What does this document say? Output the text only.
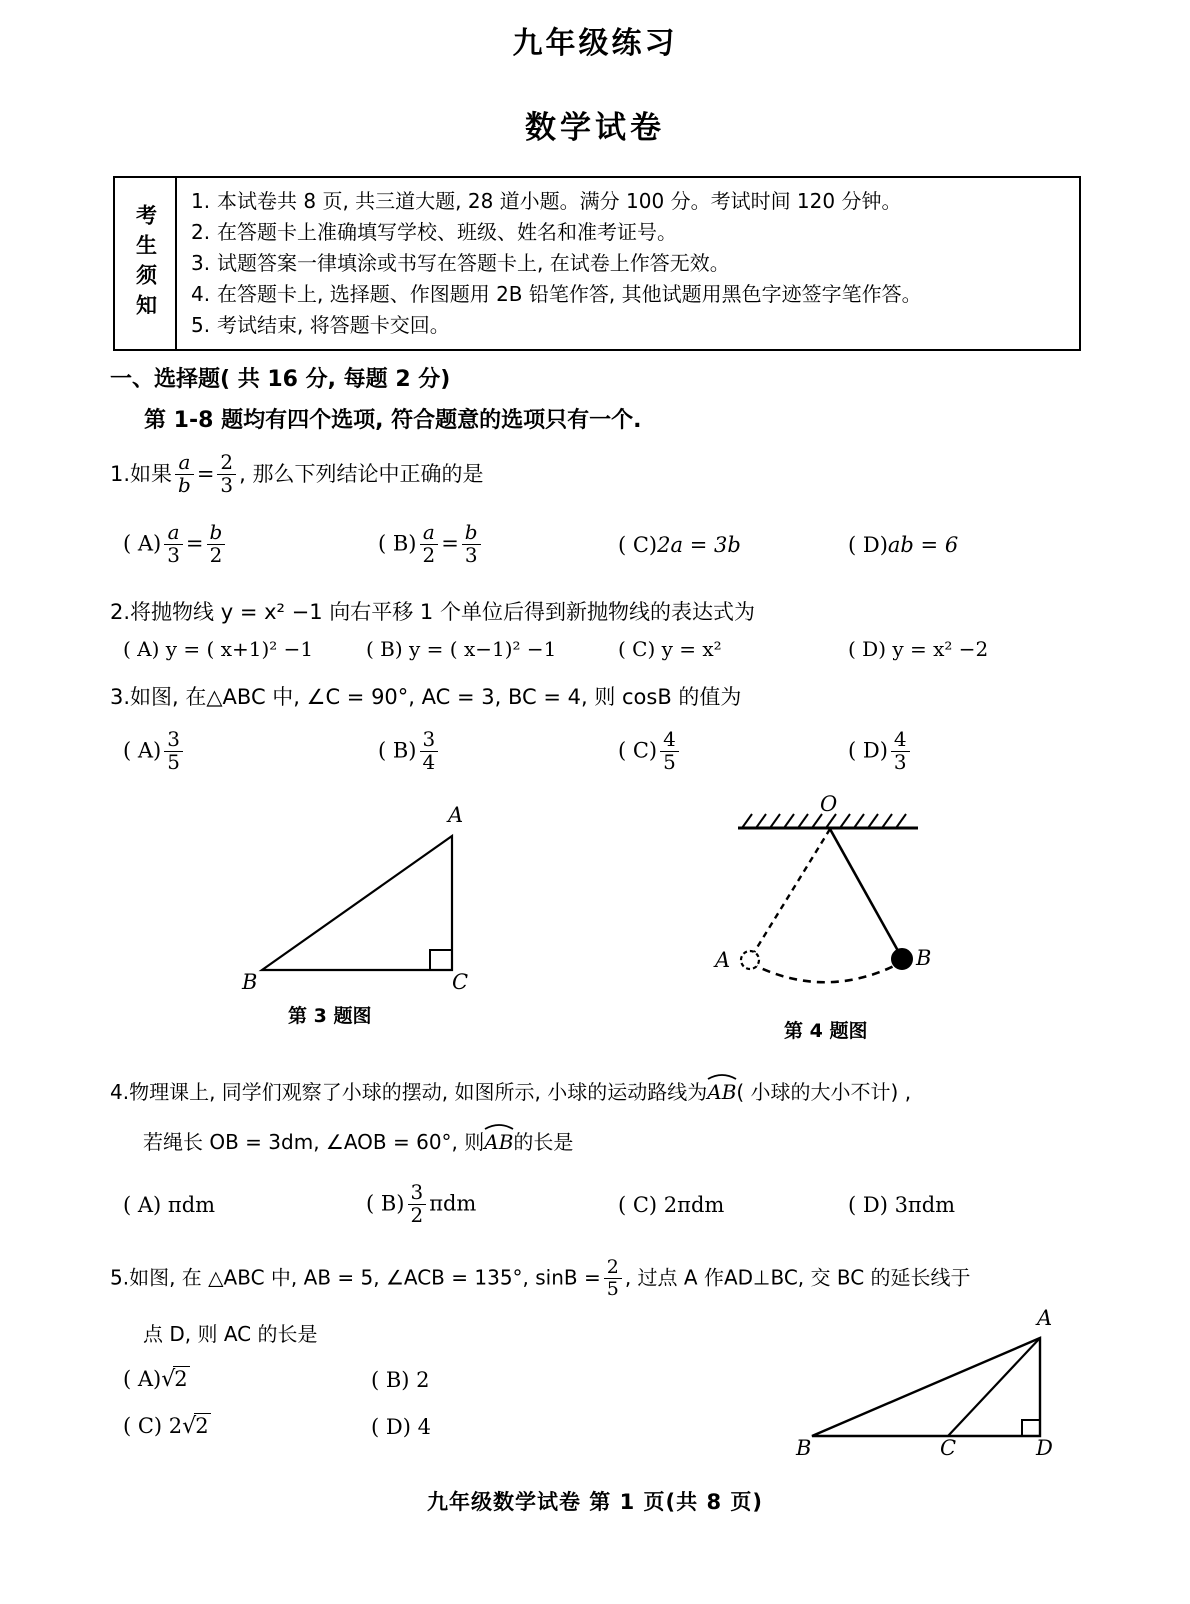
九年级练习
数学试卷
考生须知
1. 本试卷共 8 页, 共三道大题, 28 道小题。满分 100 分。考试时间 120 分钟。
2. 在答题卡上准确填写学校、班级、姓名和准考证号。
3. 试题答案一律填涂或书写在答题卡上, 在试卷上作答无效。
4. 在答题卡上, 选择题、作图题用 2B 铅笔作答, 其他试题用黑色字迹签字笔作答。
5. 考试结束, 将答题卡交回。
一、选择题( 共 16 分, 每题 2 分)
第 1-8 题均有四个选项, 符合题意的选项只有一个.
1.如果 $\frac{a}{b} = \frac{2}{3}$ , 那么下列结论中正确的是
( $A) \frac{a}{3} = \frac{b}{2}$	( $B) \frac{a}{2} = \frac{b}{3}$	( C)2a = 3b	( D)ab = 6
2.将抛物线 y = x² −1 向右平移 1 个单位后得到新抛物线的表达式为
( A) y = ( x+1)² −1	( B) y = ( x−1)² −1	( C) y = x²	( D) y = x² −2
3.如图, 在△ABC 中, ∠C = 90°, AC = 3, BC = 4, 则 cosB 的值为
( $A) \frac{3}{5}$	( $B) \frac{3}{4}$	( $C) \frac{4}{5}$	( $D) \frac{4}{3}$
A
B	C
第 3 题图
O
A	B
第 4 题图
4.物理课上, 同学们观察了小球的摆动, 如图所示, 小球的运动路线为
AB( 小球的大小不计) ,
若绳长 OB = 3dm, ∠AOB = 60°, 则
AB的长是
( A) πdm	( $B) \frac{3}{2}$ πdm	( C) 2πdm	( D) 3πdm
5.如图, 在 △ABC 中, AB = 5, ∠ACB = 135°, $\sin B = \frac{2}{5}$ , 过点 A 作AD⊥BC, 交 BC 的延长线于
点 D, 则 AC 的长是
( A)√2	( B) 2
( C) 2√2	( D) 4
A
B	C	D
九年级数学试卷 第 1 页(共 8 页)
